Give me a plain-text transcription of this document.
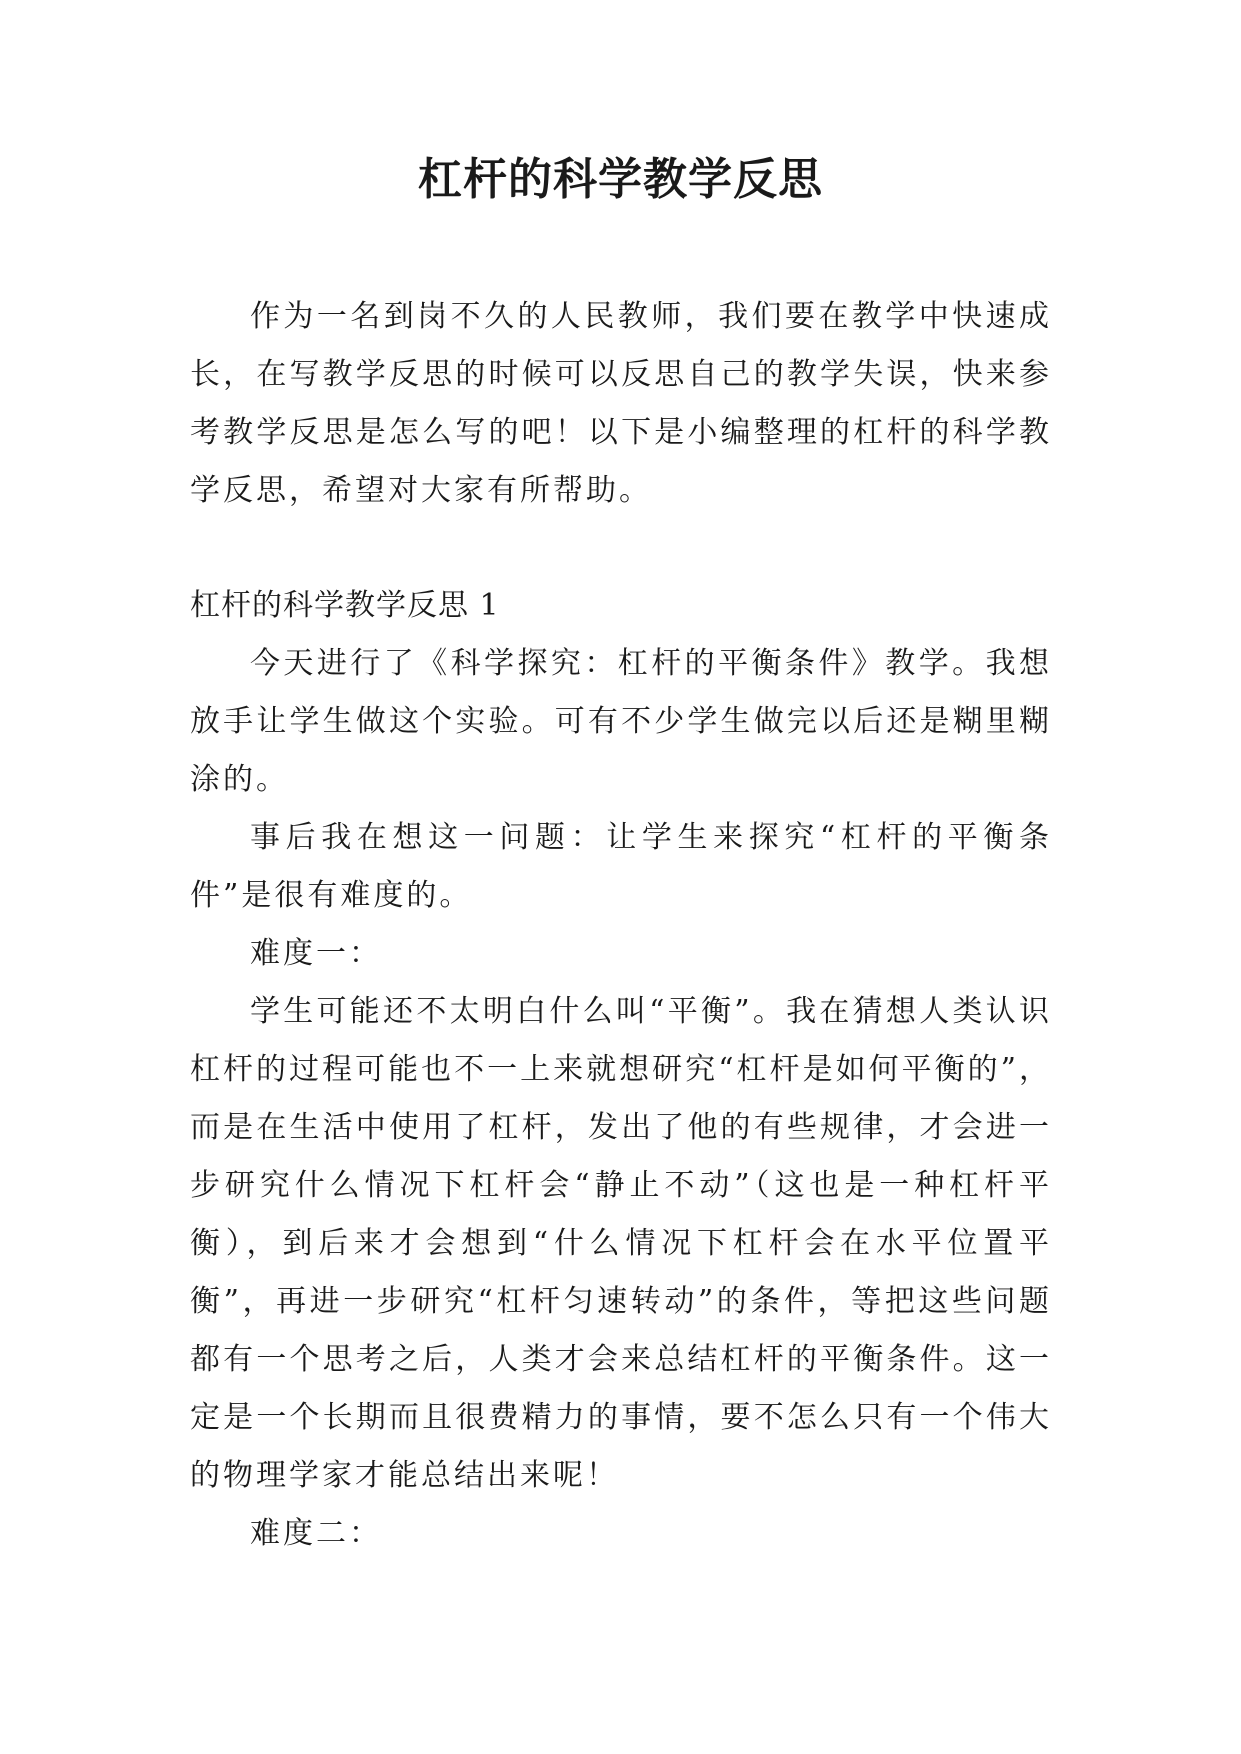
杠杆的科学教学反思

作为一名到岗不久的人民教师，我们要在教学中快速成长，在写教学反思的时候可以反思自己的教学失误，快来参考教学反思是怎么写的吧！以下是小编整理的杠杆的科学教学反思，希望对大家有所帮助。

杠杆的科学教学反思 1

今天进行了《科学探究：杠杆的平衡条件》教学。我想放手让学生做这个实验。可有不少学生做完以后还是糊里糊涂的。

事后我在想这一问题：让学生来探究“杠杆的平衡条件”是很有难度的。

难度一：

学生可能还不太明白什么叫“平衡”。我在猜想人类认识杠杆的过程可能也不一上来就想研究“杠杆是如何平衡的”，而是在生活中使用了杠杆，发出了他的有些规律，才会进一步研究什么情况下杠杆会“静止不动”（这也是一种杠杆平衡），到后来才会想到“什么情况下杠杆会在水平位置平衡”，再进一步研究“杠杆匀速转动”的条件，等把这些问题都有一个思考之后，人类才会来总结杠杆的平衡条件。这一定是一个长期而且很费精力的事情，要不怎么只有一个伟大的物理学家才能总结出来呢！

难度二：
